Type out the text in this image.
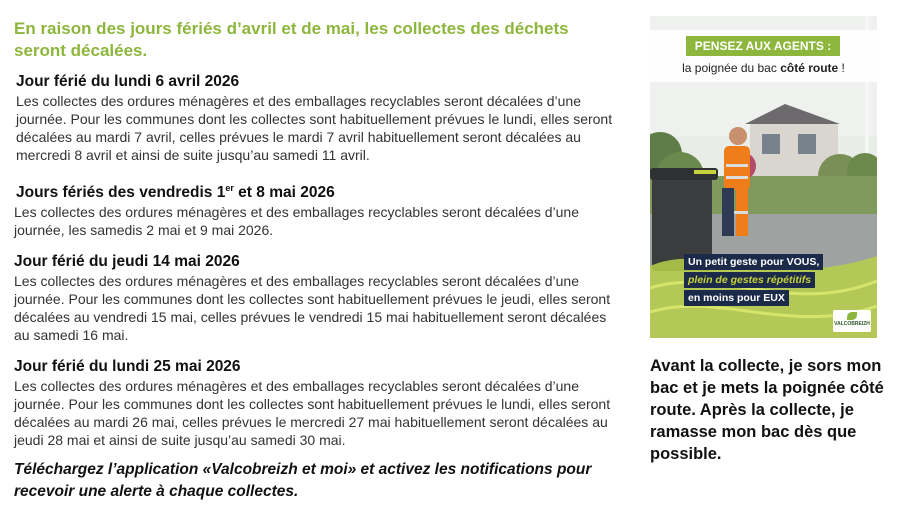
En raison des jours fériés d’avril et de mai, les collectes des déchets seront décalées.
Jour férié du lundi 6 avril 2026

Les collectes des ordures ménagères et des emballages recyclables seront décalées d’une journée. Pour les communes dont les collectes sont habituellement prévues le lundi, elles seront décalées au mardi 7 avril, celles prévues le mardi 7 avril habituellement seront décalées au mercredi 8 avril et ainsi de suite jusqu’au samedi 11 avril.

Jours fériés des vendredis 1er et 8 mai 2026

Les collectes des ordures ménagères et des emballages recyclables seront décalées d’une journée, les samedis 2 mai et 9 mai 2026.

Jour férié du jeudi 14 mai 2026

Les collectes des ordures ménagères et des emballages recyclables seront décalées d’une journée. Pour les communes dont les collectes sont habituellement prévues le jeudi, elles seront décalées au vendredi 15 mai, celles prévues le vendredi 15 mai habituellement seront décalées au samedi 16 mai.

Jour férié du lundi 25 mai 2026

Les collectes des ordures ménagères et des emballages recyclables seront décalées d’une journée. Pour les communes dont les collectes sont habituellement prévues le lundi, elles seront décalées au mardi 26 mai, celles prévues le mercredi 27 mai habituellement seront décalées au jeudi 28 mai et ainsi de suite jusqu’au samedi 30 mai.

Téléchargez l’application «Valcobreizh et moi» et activez les notifications pour recevoir une alerte à chaque collectes.
PENSEZ AUX AGENTS :
la poignée du bac côté route !
Un petit geste pour VOUS,
plein de gestes répétitifs
en moins pour EUX
VALCOBREIZH
Avant la collecte, je sors mon bac et je mets la poignée côté route. Après la collecte, je ramasse mon bac dès que possible.
